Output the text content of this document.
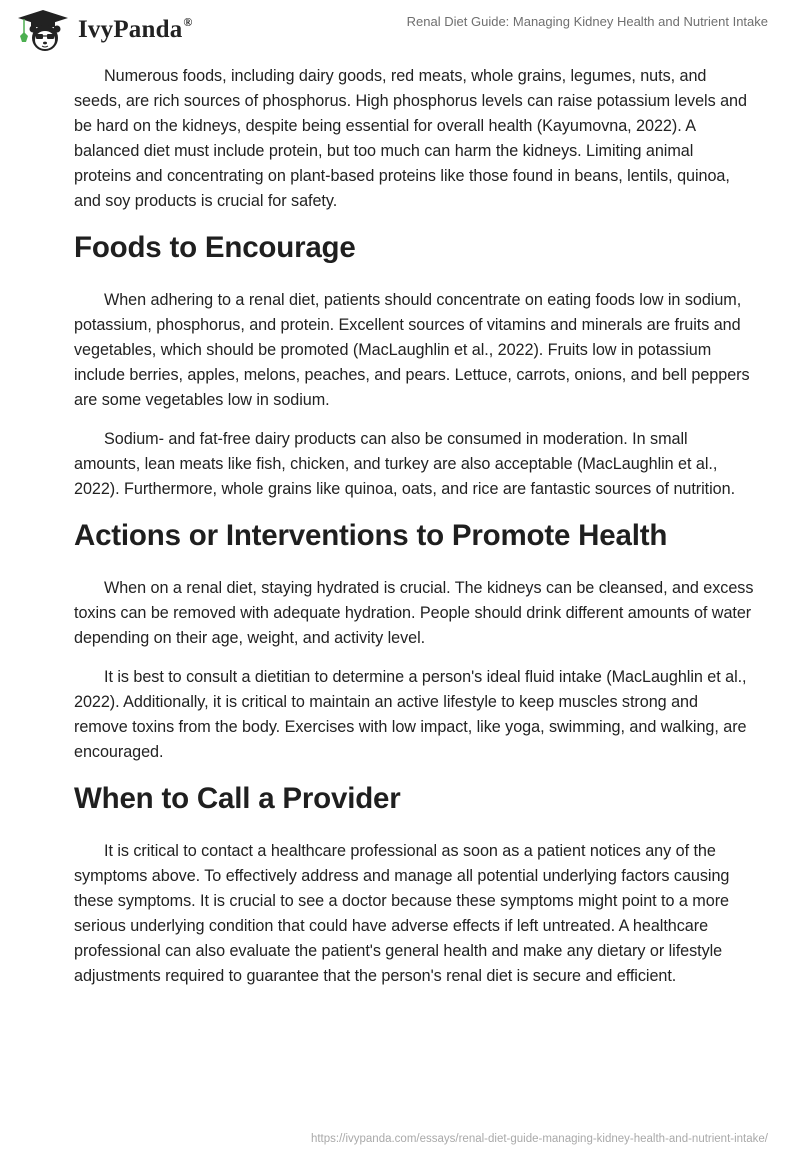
IvyPanda®	Renal Diet Guide: Managing Kidney Health and Nutrient Intake

Numerous foods, including dairy goods, red meats, whole grains, legumes, nuts, and seeds, are rich sources of phosphorus. High phosphorus levels can raise potassium levels and be hard on the kidneys, despite being essential for overall health (Kayumovna, 2022). A balanced diet must include protein, but too much can harm the kidneys. Limiting animal proteins and concentrating on plant-based proteins like those found in beans, lentils, quinoa, and soy products is crucial for safety.

Foods to Encourage

When adhering to a renal diet, patients should concentrate on eating foods low in sodium, potassium, phosphorus, and protein. Excellent sources of vitamins and minerals are fruits and vegetables, which should be promoted (MacLaughlin et al., 2022). Fruits low in potassium include berries, apples, melons, peaches, and pears. Lettuce, carrots, onions, and bell peppers are some vegetables low in sodium.

Sodium- and fat-free dairy products can also be consumed in moderation. In small amounts, lean meats like fish, chicken, and turkey are also acceptable (MacLaughlin et al., 2022). Furthermore, whole grains like quinoa, oats, and rice are fantastic sources of nutrition.

Actions or Interventions to Promote Health

When on a renal diet, staying hydrated is crucial. The kidneys can be cleansed, and excess toxins can be removed with adequate hydration. People should drink different amounts of water depending on their age, weight, and activity level.

It is best to consult a dietitian to determine a person's ideal fluid intake (MacLaughlin et al., 2022). Additionally, it is critical to maintain an active lifestyle to keep muscles strong and remove toxins from the body. Exercises with low impact, like yoga, swimming, and walking, are encouraged.

When to Call a Provider

It is critical to contact a healthcare professional as soon as a patient notices any of the symptoms above. To effectively address and manage all potential underlying factors causing these symptoms. It is crucial to see a doctor because these symptoms might point to a more serious underlying condition that could have adverse effects if left untreated. A healthcare professional can also evaluate the patient's general health and make any dietary or lifestyle adjustments required to guarantee that the person's renal diet is secure and efficient.

https://ivypanda.com/essays/renal-diet-guide-managing-kidney-health-and-nutrient-intake/
